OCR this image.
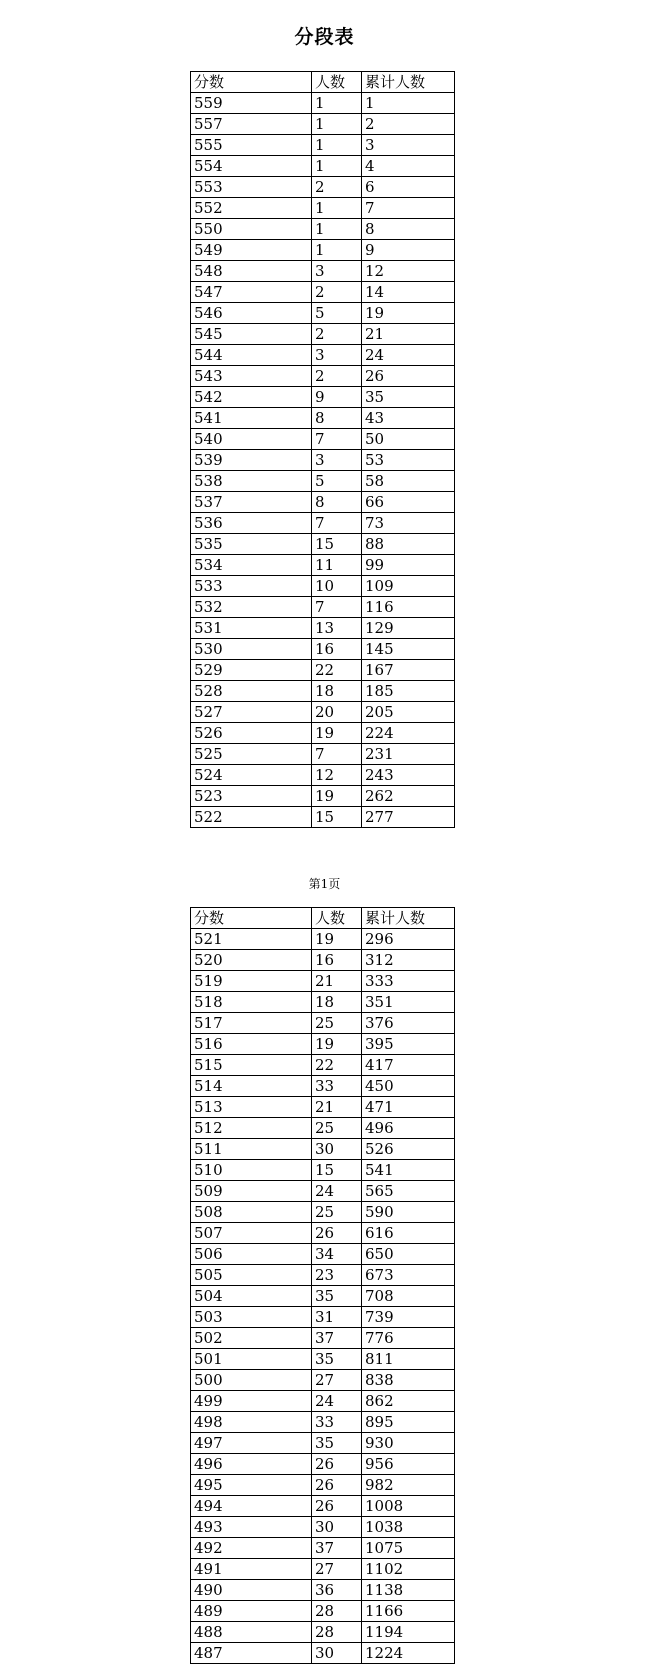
分段表
分数	人数	累计人数
559	1	1
557	1	2
555	1	3
554	1	4
553	2	6
552	1	7
550	1	8
549	1	9
548	3	12
547	2	14
546	5	19
545	2	21
544	3	24
543	2	26
542	9	35
541	8	43
540	7	50
539	3	53
538	5	58
537	8	66
536	7	73
535	15	88
534	11	99
533	10	109
532	7	116
531	13	129
530	16	145
529	22	167
528	18	185
527	20	205
526	19	224
525	7	231
524	12	243
523	19	262
522	15	277
第1页
分数	人数	累计人数
521	19	296
520	16	312
519	21	333
518	18	351
517	25	376
516	19	395
515	22	417
514	33	450
513	21	471
512	25	496
511	30	526
510	15	541
509	24	565
508	25	590
507	26	616
506	34	650
505	23	673
504	35	708
503	31	739
502	37	776
501	35	811
500	27	838
499	24	862
498	33	895
497	35	930
496	26	956
495	26	982
494	26	1008
493	30	1038
492	37	1075
491	27	1102
490	36	1138
489	28	1166
488	28	1194
487	30	1224
